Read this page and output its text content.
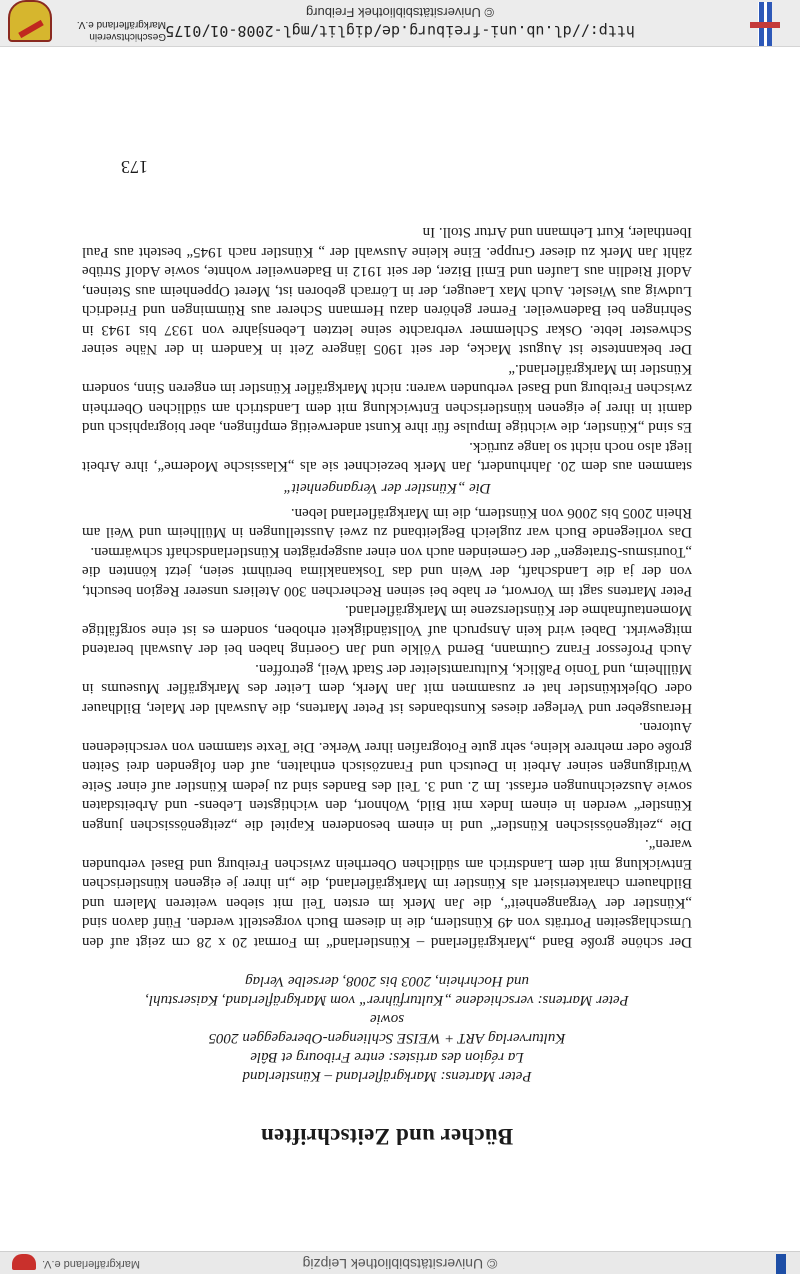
© Universitätsbibliothek Leipzig
Markgräflerland e.V.
Bücher und Zeitschriften
Peter Martens: Markgräflerland – Künstlerland
La région des artistes: entre Fribourg et Bâle
Kulturverlag ART + WEISE Schliengen-Oberegeggen 2005
sowie
Peter Martens: verschiedene „Kulturführer“ vom Markgräflerland, Kaiserstuhl,
und Hochrhein, 2003 bis 2008, derselbe Verlag

Der schöne große Band „Markgräflerland – Künstlerland“ im Format 20 x 28 cm zeigt auf den Umschlagseiten Porträts von 49 Künstlern, die in diesem Buch vorgestellt werden. Fünf davon sind „Künstler der Vergangenheit“, die Jan Merk im ersten Teil mit sieben weiteren Malern und Bildhauern charakterisiert als Künstler im Markgräflerland, die „in ihrer je eigenen künstlerischen Entwicklung mit dem Landstrich am südlichen Oberrhein zwischen Freiburg und Basel verbunden waren“.

Die „zeitgenössischen Künstler“ und in einem besonderen Kapitel die „zeitgenössischen jungen Künstler“ werden in einem Index mit Bild, Wohnort, den wichtigsten Lebens- und Arbeitsdaten sowie Auszeichnungen erfasst. Im 2. und 3. Teil des Bandes sind zu jedem Künstler auf einer Seite Würdigungen seiner Arbeit in Deutsch und Französisch enthalten, auf den folgenden drei Seiten große oder mehrere kleine, sehr gute Fotografien ihrer Werke. Die Texte stammen von verschiedenen Autoren.

Herausgeber und Verleger dieses Kunstbandes ist Peter Martens, die Auswahl der Maler, Bildhauer oder Objektkünstler hat er zusammen mit Jan Merk, dem Leiter des Markgräfler Museums in Müllheim, und Tonio Paßlick, Kulturamtsleiter der Stadt Weil, getroffen.

Auch Professor Franz Gutmann, Bernd Völkle und Jan Goering haben bei der Auswahl beratend mitgewirkt. Dabei wird kein Anspruch auf Vollständigkeit erhoben, sondern es ist eine sorgfältige Momentaufnahme der Künstlerszene im Markgräflerland.

Peter Martens sagt im Vorwort, er habe bei seinen Recherchen 300 Ateliers unserer Region besucht, von der ja die Landschaft, der Wein und das Toskanaklima berühmt seien, jetzt könnten die „Tourismus-Strategen“ der Gemeinden auch von einer ausgeprägten Künstlerlandschaft schwärmen.

Das vorliegende Buch war zugleich Begleitband zu zwei Ausstellungen in Müllheim und Weil am Rhein 2005 bis 2006 von Künstlern, die im Markgräflerland leben.

Die „Künstler der Vergangenheit“

stammen aus dem 20. Jahrhundert, Jan Merk bezeichnet sie als „Klassische Moderne“, ihre Arbeit liegt also noch nicht so lange zurück.

Es sind „Künstler, die wichtige Impulse für ihre Kunst anderweitig empfingen, aber biographisch und damit in ihrer je eigenen künstlerischen Entwicklung mit dem Landstrich am südlichen Oberrhein zwischen Freiburg und Basel verbunden waren: nicht Markgräfler Künstler im engeren Sinn, sondern Künstler im Markgräflerland.“

Der bekannteste ist August Macke, der seit 1905 längere Zeit in Kandern in der Nähe seiner Schwester lebte. Oskar Schlemmer verbrachte seine letzten Lebensjahre von 1937 bis 1943 in Sehringen bei Badenweiler. Ferner gehören dazu Hermann Scherer aus Rümmingen und Friedrich Ludwig aus Wieslet. Auch Max Laeuger, der in Lörrach geboren ist, Meret Oppenheim aus Steinen, Adolf Riedlin aus Laufen und Emil Bizer, der seit 1912 in Badenweiler wohnte, sowie Adolf Strübe zählt Jan Merk zu dieser Gruppe. Eine kleine Auswahl der „ Künstler nach 1945“ besteht aus Paul Ibenthaler, Kurt Lehmann und Artur Stoll. In

173
http://dl.ub.uni-freiburg.de/diglit/mgl-2008-01/0175
© Universitätsbibliothek Freiburg
Geschichtsverein
Markgräflerland e.V.
